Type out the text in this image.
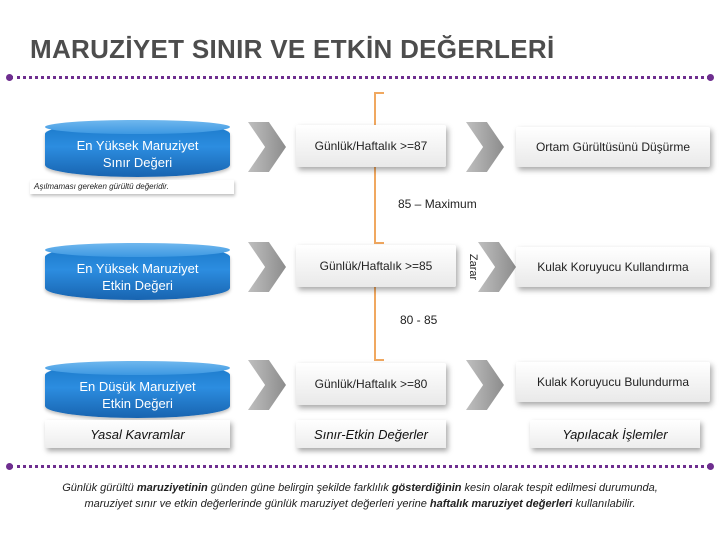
MARUZİYET SINIR VE ETKİN DEĞERLERİ
En Yüksek Maruziyet
Sınır Değeri
Aşılmaması gereken gürültü değeridir.
Günlük/Haftalık >=87	Ortam Gürültüsünü Düşürme
85 – Maximum
En Yüksek Maruziyet
Etkin Değeri
Günlük/Haftalık >=85	Zarar	Kulak Koruyucu Kullandırma
80 - 85
En Düşük Maruziyet
Etkin Değeri
Günlük/Haftalık >=80	Kulak Koruyucu Bulundurma
Yasal Kavramlar	Sınır-Etkin Değerler	Yapılacak İşlemler
Günlük gürültü maruziyetinin günden güne belirgin şekilde farklılık gösterdiğinin kesin olarak tespit edilmesi durumunda,
maruziyet sınır ve etkin değerlerinde günlük maruziyet değerleri yerine haftalık maruziyet değerleri kullanılabilir.
